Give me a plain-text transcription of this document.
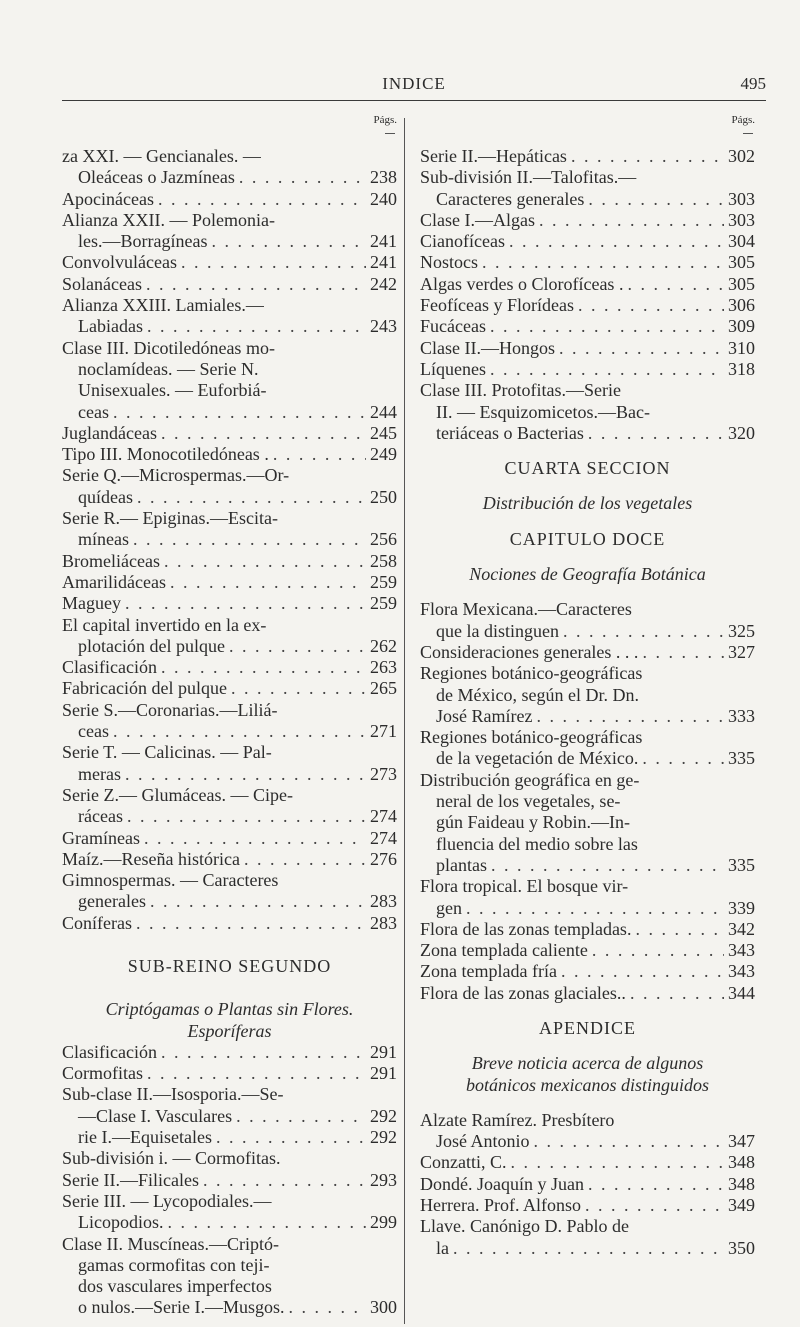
INDICE	495
Págs.
za XXI. — Gencianales. —
Oleáceas o Jazmíneas . . .	238
Apocináceas . . .	240
Alianza XXII. — Polemonia-
les.—Borragíneas . . .	241
Convolvuláceas . . .	241
Solanáceas . . .	242
Alianza XXIII. Lamiales.—
Labiadas . . .	243
Clase III. Dicotiledóneas mo-
noclamídeas. — Serie N.
Unisexuales. — Euforbiá-
ceas . . .	244
Juglandáceas . . .	245
Tipo III. Monocotiledóneas . . . .	249
Serie Q.—Microspermas.—Or-
quídeas . . .	250
Serie R.— Epiginas.—Escita-
míneas . . .	256
Bromeliáceas . . .	258
Amarilidáceas . . .	259
Maguey . . .	259
El capital invertido en la ex-
plotación del pulque . . .	262
Clasificación . . .	263
Fabricación del pulque . . .	265
Serie S.—Coronarias.—Liliá-
ceas . . .	271
Serie T. — Calicinas. — Pal-
meras . . .	273
Serie Z.— Glumáceas. — Cipe-
ráceas . . .	274
Gramíneas . . .	274
Maíz.—Reseña histórica . . .	276
Gimnospermas. — Caracteres
generales . . .	283
Coníferas . . .	283
SUB-REINO SEGUNDO
Criptógamas o Plantas sin Flores.
Esporíferas
Clasificación . . .	291
Cormofitas . . .	291
Sub-clase II.—Isosporia.—Se-
—Clase I. Vasculares . . .	292
rie I.—Equisetales . . .	292
Sub-división i. — Cormofitas.
Serie II.—Filicales . . .	293
Serie III. — Lycopodiales.—
Licopodios. . . .	299
Clase II. Muscíneas.—Criptó-
gamas cormofitas con teji-
dos vasculares imperfectos
o nulos.—Serie I.—Musgos. . . .	300
Págs.
Serie II.—Hepáticas . . .	302
Sub-división II.—Talofitas.—
Caracteres generales . . .	303
Clase I.—Algas . . .	303
Cianofíceas . . .	304
Nostocs . . .	305
Algas verdes o Clorofíceas . . . .	305
Feofíceas y Florídeas . . .	306
Fucáceas . . .	309
Clase II.—Hongos . . .	310
Líquenes . . .	318
Clase III. Protofitas.—Serie
II. — Esquizomicetos.—Bac-
teriáceas o Bacterias . . .	320
CUARTA SECCION
Distribución de los vegetales
CAPITULO DOCE
Nociones de Geografía Botánica
Flora Mexicana.—Caracteres
que la distinguen . . .	325
Consideraciones generales . . . . . .	327
Regiones botánico-geográficas
de México, según el Dr. Dn.
José Ramírez . . .	333
Regiones botánico-geográficas
de la vegetación de México. . . .	335
Distribución geográfica en ge-
neral de los vegetales, se-
gún Faideau y Robin.—In-
fluencia del medio sobre las
plantas . . .	335
Flora tropical. El bosque vir-
gen . . .	339
Flora de las zonas templadas. . . .	342
Zona templada caliente . . .	343
Zona templada fría . . .	343
Flora de las zonas glaciales.. . . .	344
APENDICE
Breve noticia acerca de algunos
botánicos mexicanos distinguidos
Alzate Ramírez. Presbítero
José Antonio . . .	347
Conzatti, C. . . .	348
Dondé. Joaquín y Juan . . .	348
Herrera. Prof. Alfonso . . .	349
Llave. Canónigo D. Pablo de
la . . .	350
